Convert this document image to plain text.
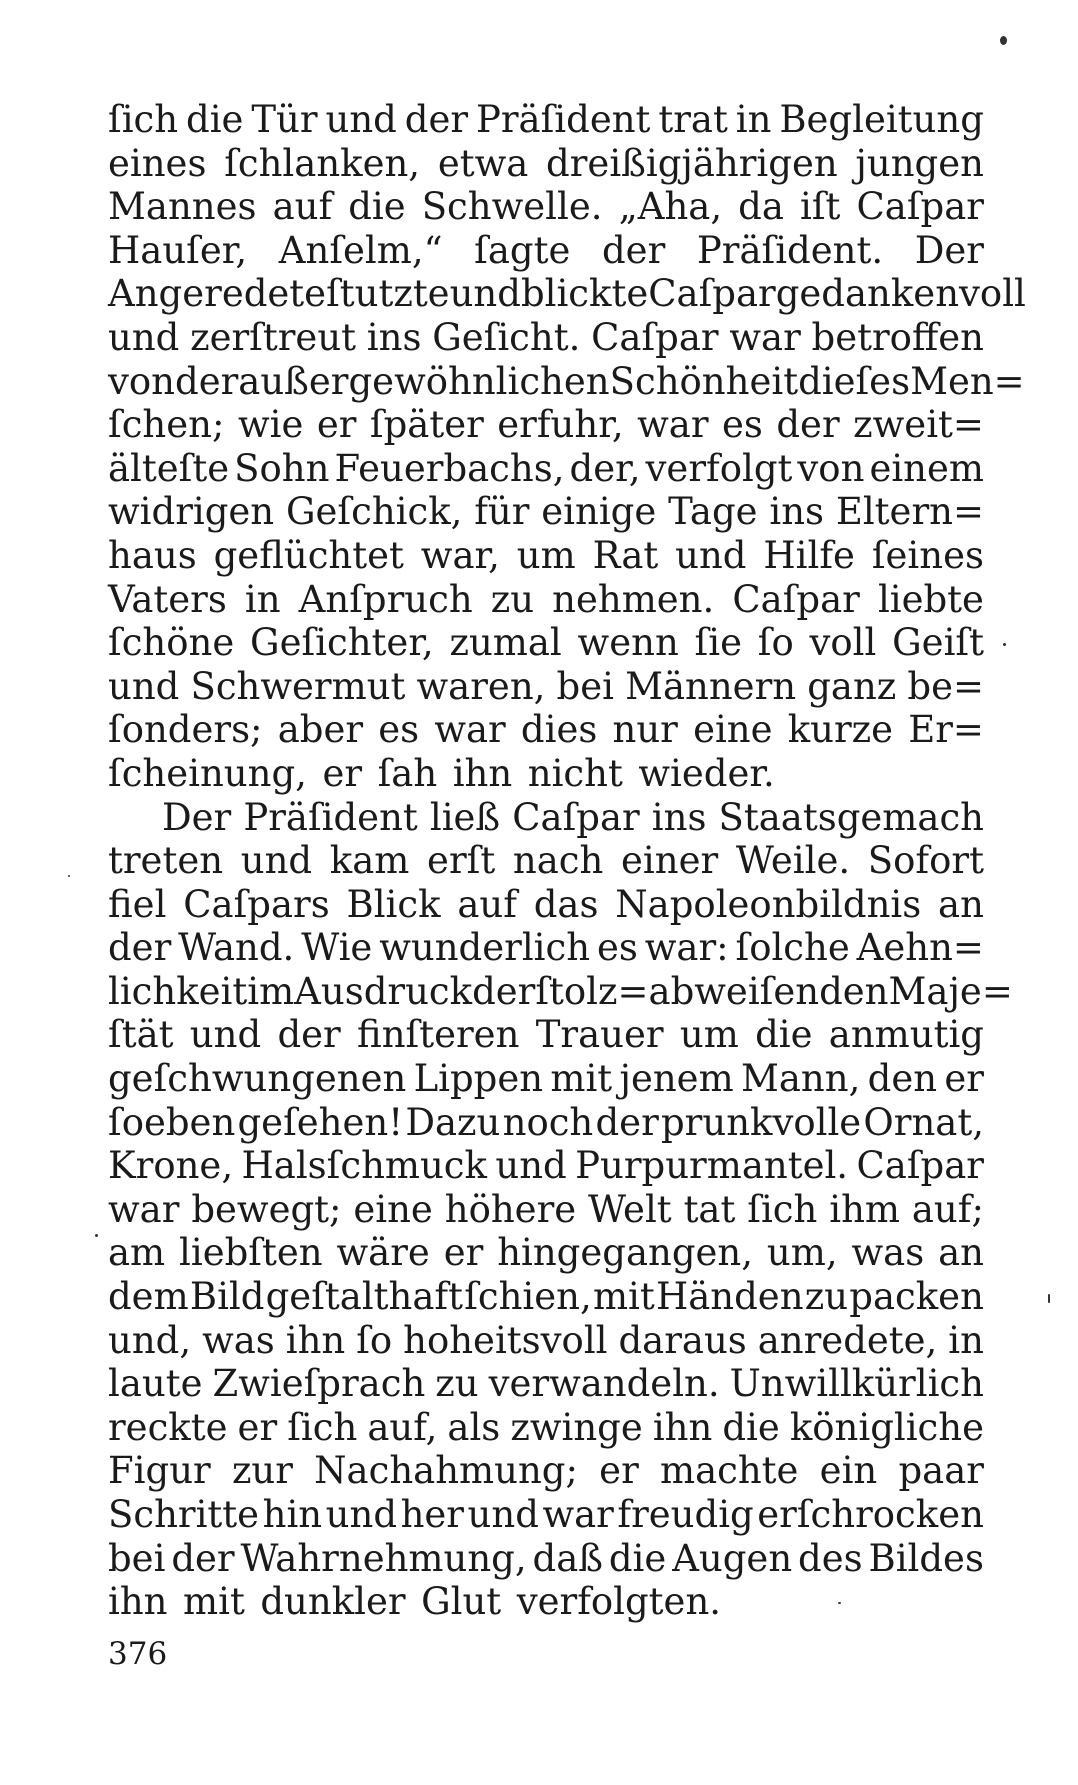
ſich die Tür und der Präſident trat in Begleitung
eines ſchlanken, etwa dreißigjährigen jungen
Mannes auf die Schwelle. „Aha, da iſt Caſpar
Hauſer, Anſelm,“ ſagte der Präſident. Der
Angeredete ſtutzte und blickte Caſpar gedankenvoll
und zerſtreut ins Geſicht. Caſpar war betroffen
von der außergewöhnlichen Schönheit dieſes Men=
ſchen; wie er ſpäter erfuhr, war es der zweit=
älteſte Sohn Feuerbachs, der, verfolgt von einem
widrigen Geſchick, für einige Tage ins Eltern=
haus geflüchtet war, um Rat und Hilfe ſeines
Vaters in Anſpruch zu nehmen. Caſpar liebte
ſchöne Geſichter, zumal wenn ſie ſo voll Geiſt
und Schwermut waren, bei Männern ganz be=
ſonders; aber es war dies nur eine kurze Er=
ſcheinung, er ſah ihn nicht wieder.
Der Präſident ließ Caſpar ins Staatsgemach
treten und kam erſt nach einer Weile. Sofort
fiel Caſpars Blick auf das Napoleonbildnis an
der Wand. Wie wunderlich es war: ſolche Aehn=
lichkeit im Ausdruck der ſtolz=abweiſenden Maje=
ſtät und der finſteren Trauer um die anmutig
geſchwungenen Lippen mit jenem Mann, den er
ſoeben geſehen! Dazu noch der prunkvolle Ornat,
Krone, Halsſchmuck und Purpurmantel. Caſpar
war bewegt; eine höhere Welt tat ſich ihm auf;
am liebſten wäre er hingegangen, um, was an
dem Bild geſtalthaft ſchien, mit Händen zu packen
und, was ihn ſo hoheitsvoll daraus anredete, in
laute Zwieſprach zu verwandeln. Unwillkürlich
reckte er ſich auf, als zwinge ihn die königliche
Figur zur Nachahmung; er machte ein paar
Schritte hin und her und war freudig erſchrocken
bei der Wahrnehmung, daß die Augen des Bildes
ihn mit dunkler Glut verfolgten.
376
